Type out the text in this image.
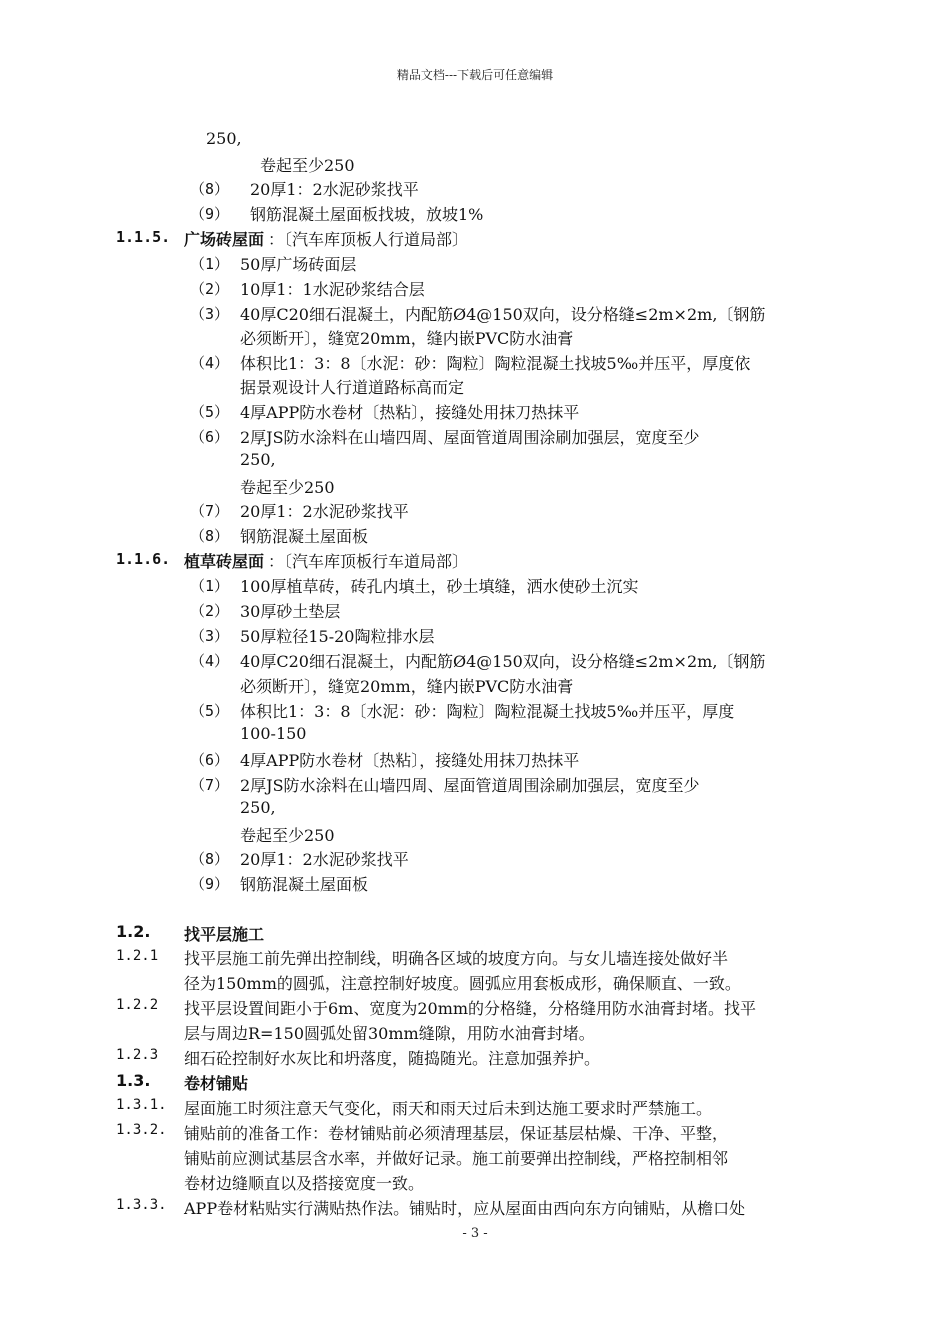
精品文档---下载后可任意编辑
250,
卷起至少250
（8） 20厚1：2水泥砂浆找平
（9） 钢筋混凝土屋面板找坡，放坡1%
1.1.5. 广场砖屋面 ：〔汽车库顶板人行道局部〕
（1） 50厚广场砖面层
（2） 10厚1：1水泥砂浆结合层
（3） 40厚C20细石混凝土，内配筋Ø4@150双向，设分格缝≤2m×2m,〔钢筋
必须断开〕，缝宽20mm，缝内嵌PVC防水油膏
（4） 体积比1：3：8〔水泥：砂：陶粒〕陶粒混凝土找坡5‰并压平，厚度依
据景观设计人行道道路标高而定
（5） 4厚APP防水卷材〔热粘〕，接缝处用抹刀热抹平
（6） 2厚JS防水涂料在山墙四周、屋面管道周围涂刷加强层，宽度至少
250,
卷起至少250
（7） 20厚1：2水泥砂浆找平
（8） 钢筋混凝土屋面板
1.1.6. 植草砖屋面 ：〔汽车库顶板行车道局部〕
（1） 100厚植草砖，砖孔内填土，砂土填缝，洒水使砂土沉实
（2） 30厚砂土垫层
（3） 50厚粒径15-20陶粒排水层
（4） 40厚C20细石混凝土，内配筋Ø4@150双向，设分格缝≤2m×2m,〔钢筋
必须断开〕，缝宽20mm，缝内嵌PVC防水油膏
（5） 体积比1：3：8〔水泥：砂：陶粒〕陶粒混凝土找坡5‰并压平，厚度
100-150
（6） 4厚APP防水卷材〔热粘〕，接缝处用抹刀热抹平
（7） 2厚JS防水涂料在山墙四周、屋面管道周围涂刷加强层，宽度至少
250,
卷起至少250
（8） 20厚1：2水泥砂浆找平
（9） 钢筋混凝土屋面板
1.2. 找平层施工
1.2.1 找平层施工前先弹出控制线，明确各区域的坡度方向。与女儿墙连接处做好半
径为150mm的圆弧，注意控制好坡度。圆弧应用套板成形，确保顺直、一致。
1.2.2 找平层设置间距小于6m、宽度为20mm的分格缝，分格缝用防水油膏封堵。找平
层与周边R=150圆弧处留30mm缝隙，用防水油膏封堵。
1.2.3 细石砼控制好水灰比和坍落度，随捣随光。注意加强养护。
1.3. 卷材铺贴
1.3.1. 屋面施工时须注意天气变化，雨天和雨天过后未到达施工要求时严禁施工。
1.3.2. 铺贴前的准备工作：卷材铺贴前必须清理基层，保证基层枯燥、干净、平整，
铺贴前应测试基层含水率，并做好记录。施工前要弹出控制线，严格控制相邻
卷材边缝顺直以及搭接宽度一致。
1.3.3. APP卷材粘贴实行满贴热作法。铺贴时，应从屋面由西向东方向铺贴，从檐口处
- 3 -
